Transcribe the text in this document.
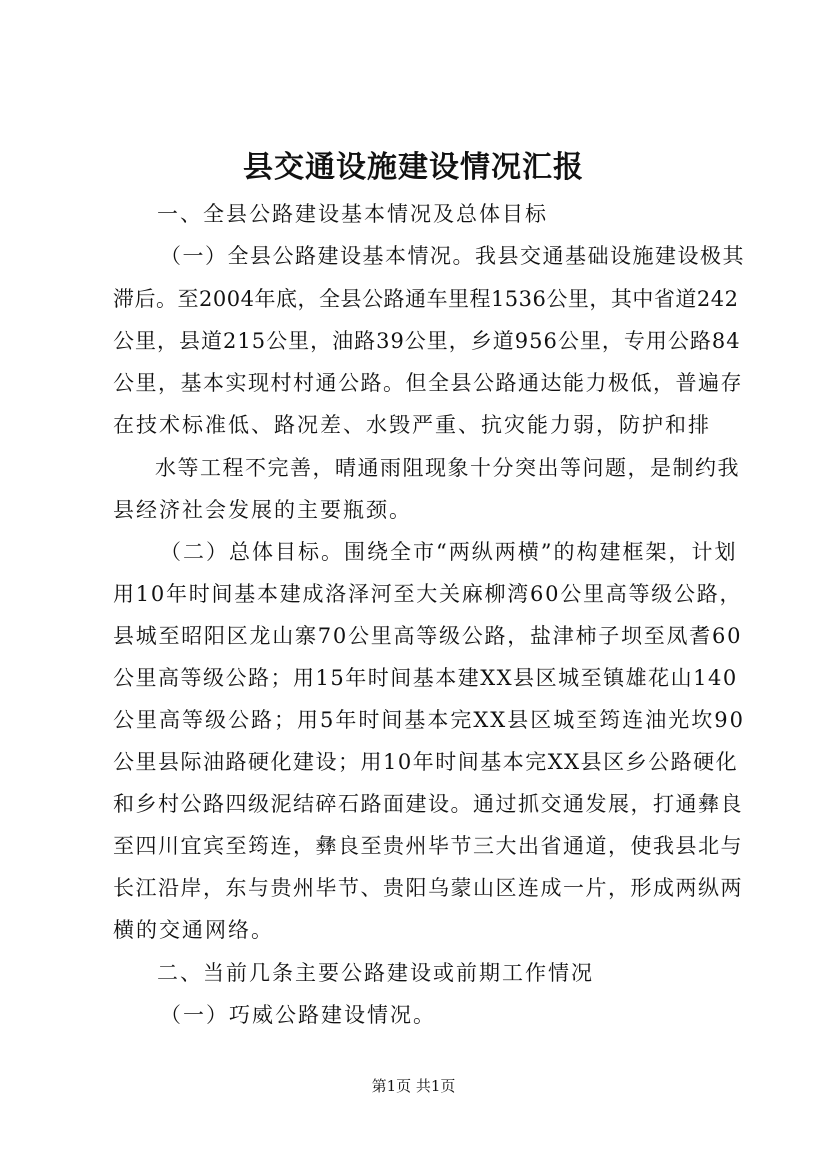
县交通设施建设情况汇报
一、全县公路建设基本情况及总体目标
（一）全县公路建设基本情况。我县交通基础设施建设极其
滞后。至2004年底，全县公路通车里程1536公里，其中省道242
公里，县道215公里，油路39公里，乡道956公里，专用公路84
公里，基本实现村村通公路。但全县公路通达能力极低，普遍存
在技术标准低、路况差、水毁严重、抗灾能力弱，防护和排
水等工程不完善，晴通雨阻现象十分突出等问题，是制约我
县经济社会发展的主要瓶颈。
（二）总体目标。围绕全市“两纵两横”的构建框架，计划
用10年时间基本建成洛泽河至大关麻柳湾60公里高等级公路，
县城至昭阳区龙山寨70公里高等级公路，盐津柿子坝至凤耆60
公里高等级公路；用15年时间基本建XX县区城至镇雄花山140
公里高等级公路；用5年时间基本完XX县区城至筠连油光坎90
公里县际油路硬化建设；用10年时间基本完XX县区乡公路硬化
和乡村公路四级泥结碎石路面建设。通过抓交通发展，打通彝良
至四川宜宾至筠连，彝良至贵州毕节三大出省通道，使我县北与
长江沿岸，东与贵州毕节、贵阳乌蒙山区连成一片，形成两纵两
横的交通网络。
二、当前几条主要公路建设或前期工作情况
（一）巧威公路建设情况。
第1页 共1页
